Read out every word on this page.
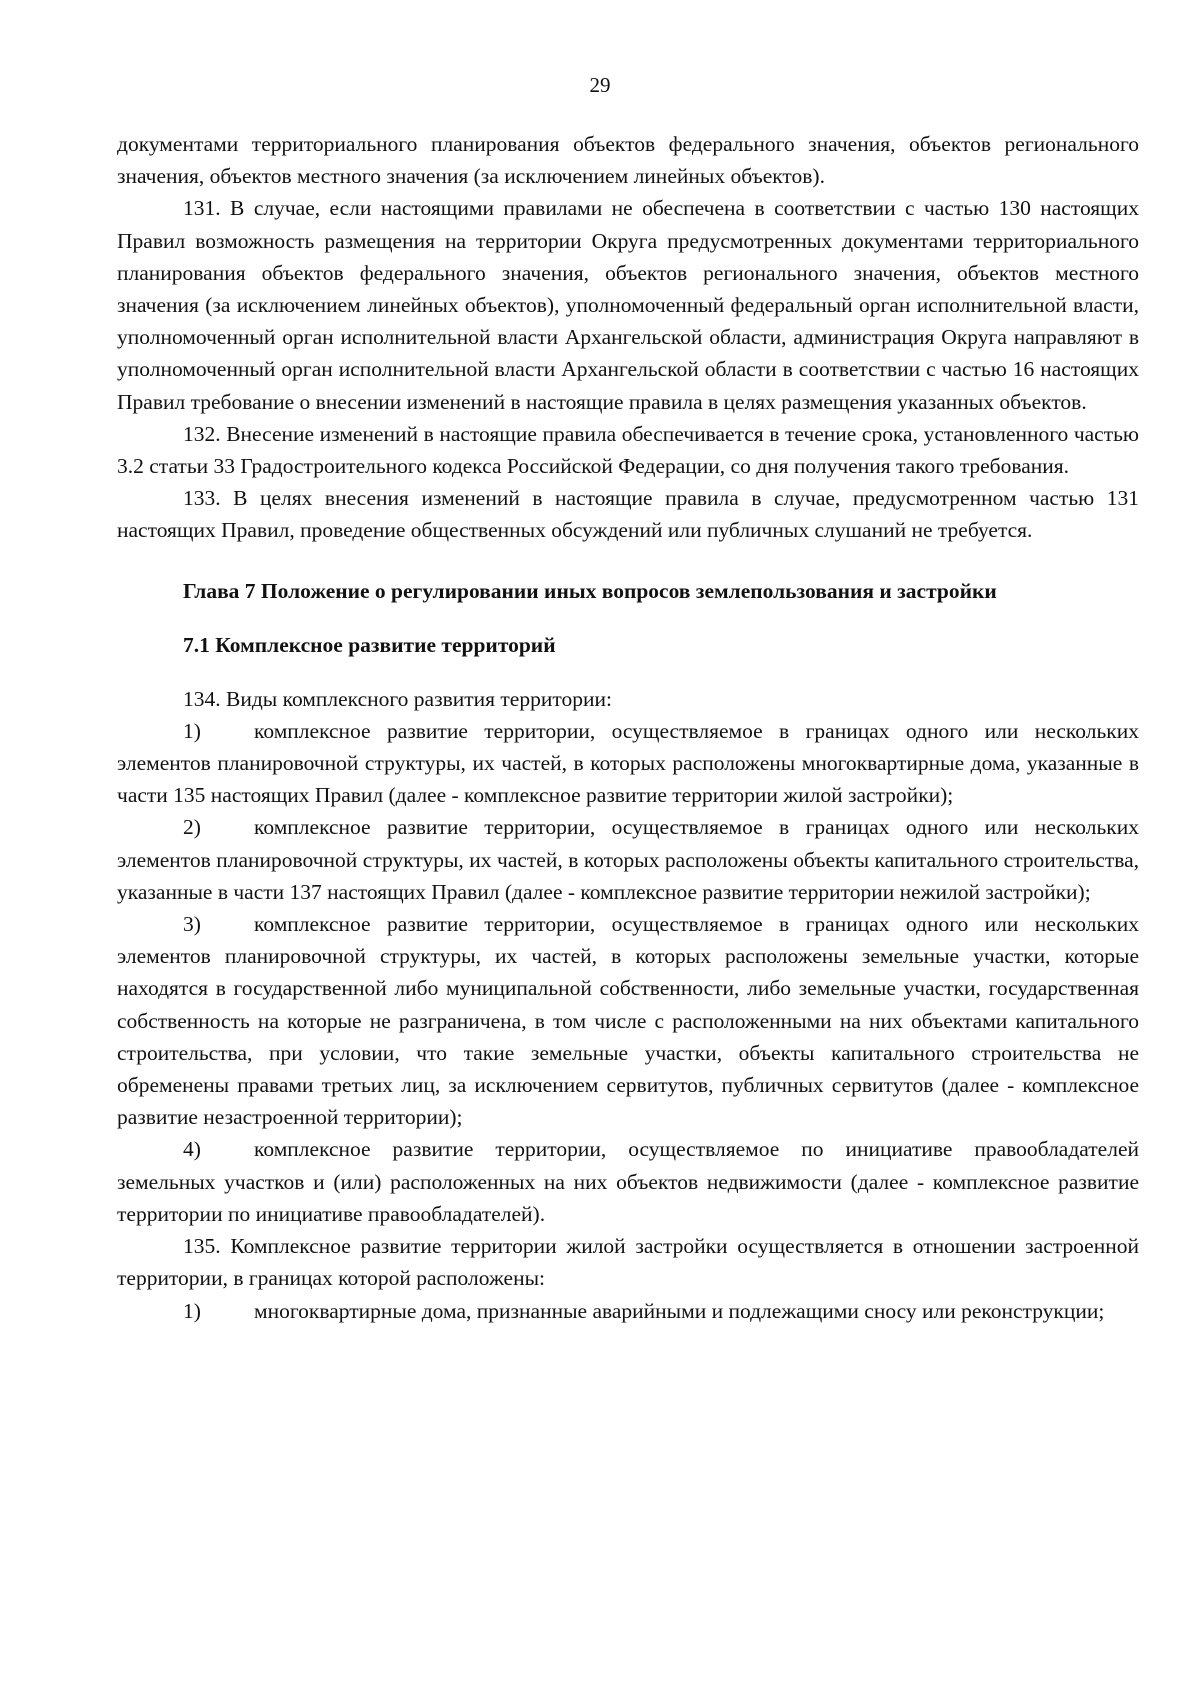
29

документами территориального планирования объектов федерального значения, объектов регионального значения, объектов местного значения (за исключением линейных объектов).

131. В случае, если настоящими правилами не обеспечена в соответствии с частью 130 настоящих Правил возможность размещения на территории Округа предусмотренных документами территориального планирования объектов федерального значения, объектов регионального значения, объектов местного значения (за исключением линейных объектов), уполномоченный федеральный орган исполнительной власти, уполномоченный орган исполнительной власти Архангельской области, администрация Округа направляют в уполномоченный орган исполнительной власти Архангельской области в соответствии с частью 16 настоящих Правил требование о внесении изменений в настоящие правила в целях размещения указанных объектов.

132. Внесение изменений в настоящие правила обеспечивается в течение срока, установленного частью 3.2 статьи 33 Градостроительного кодекса Российской Федерации, со дня получения такого требования.

133. В целях внесения изменений в настоящие правила в случае, предусмотренном частью 131 настоящих Правил, проведение общественных обсуждений или публичных слушаний не требуется.

Глава 7 Положение о регулировании иных вопросов землепользования и застройки
7.1 Комплексное развитие территорий

134. Виды комплексного развития территории:

1) комплексное развитие территории, осуществляемое в границах одного или нескольких элементов планировочной структуры, их частей, в которых расположены многоквартирные дома, указанные в части 135 настоящих Правил (далее - комплексное развитие территории жилой застройки);

2) комплексное развитие территории, осуществляемое в границах одного или нескольких элементов планировочной структуры, их частей, в которых расположены объекты капитального строительства, указанные в части 137 настоящих Правил (далее - комплексное развитие территории нежилой застройки);

3) комплексное развитие территории, осуществляемое в границах одного или нескольких элементов планировочной структуры, их частей, в которых расположены земельные участки, которые находятся в государственной либо муниципальной собственности, либо земельные участки, государственная собственность на которые не разграничена, в том числе с расположенными на них объектами капитального строительства, при условии, что такие земельные участки, объекты капитального строительства не обременены правами третьих лиц, за исключением сервитутов, публичных сервитутов (далее - комплексное развитие незастроенной территории);

4) комплексное развитие территории, осуществляемое по инициативе правообладателей земельных участков и (или) расположенных на них объектов недвижимости (далее - комплексное развитие территории по инициативе правообладателей).

135. Комплексное развитие территории жилой застройки осуществляется в отношении застроенной территории, в границах которой расположены:

1) многоквартирные дома, признанные аварийными и подлежащими сносу или реконструкции;
